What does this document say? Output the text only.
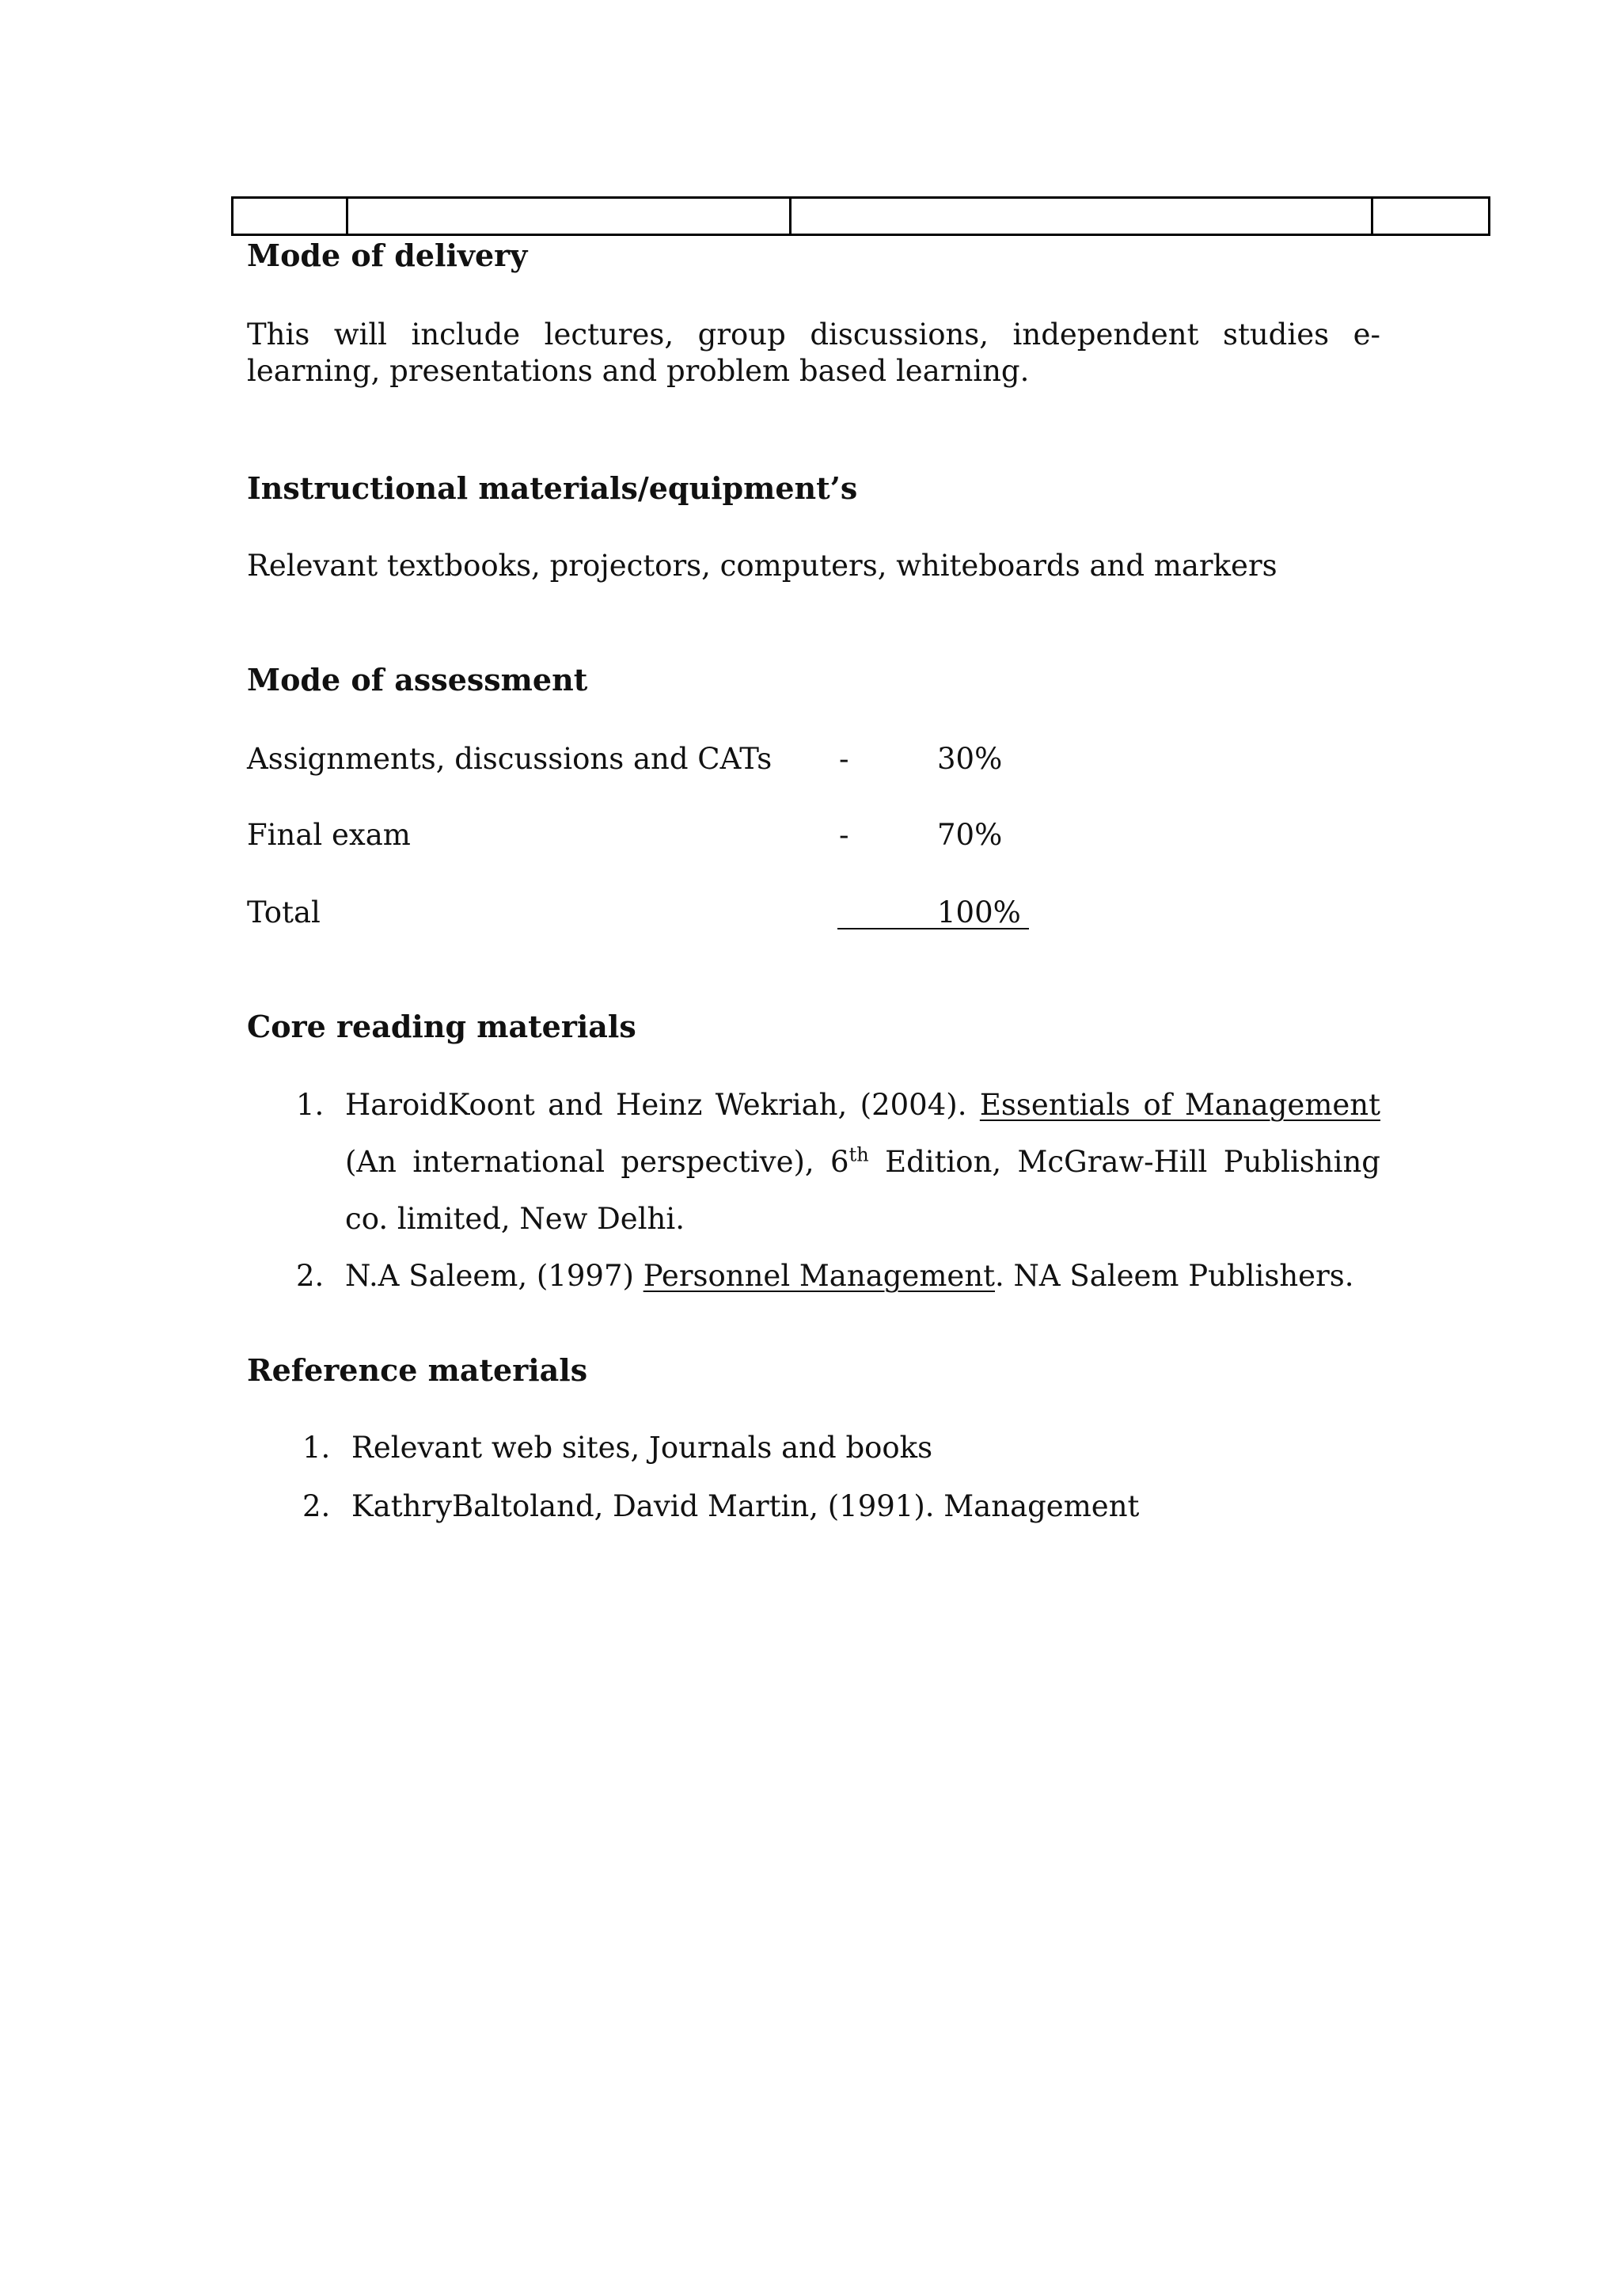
Mode of delivery

This will include lectures, group discussions, independent studies e-learning, presentations and problem based learning.

Instructional materials/equipment’s

Relevant textbooks, projectors, computers, whiteboards and markers

Mode of assessment
Assignments, discussions and CATs -	30%
Final exam	-	70%
Total	100%
Core reading materials
1. HaroidKoont and Heinz Wekriah, (2004). Essentials of Management (An international perspective), 6th Edition, McGraw-Hill Publishing co. limited, New Delhi.
2. N.A Saleem, (1997) Personnel Management. NA Saleem Publishers.
Reference materials
1. Relevant web sites, Journals and books
2. KathryBaltoland, David Martin, (1991). Management
